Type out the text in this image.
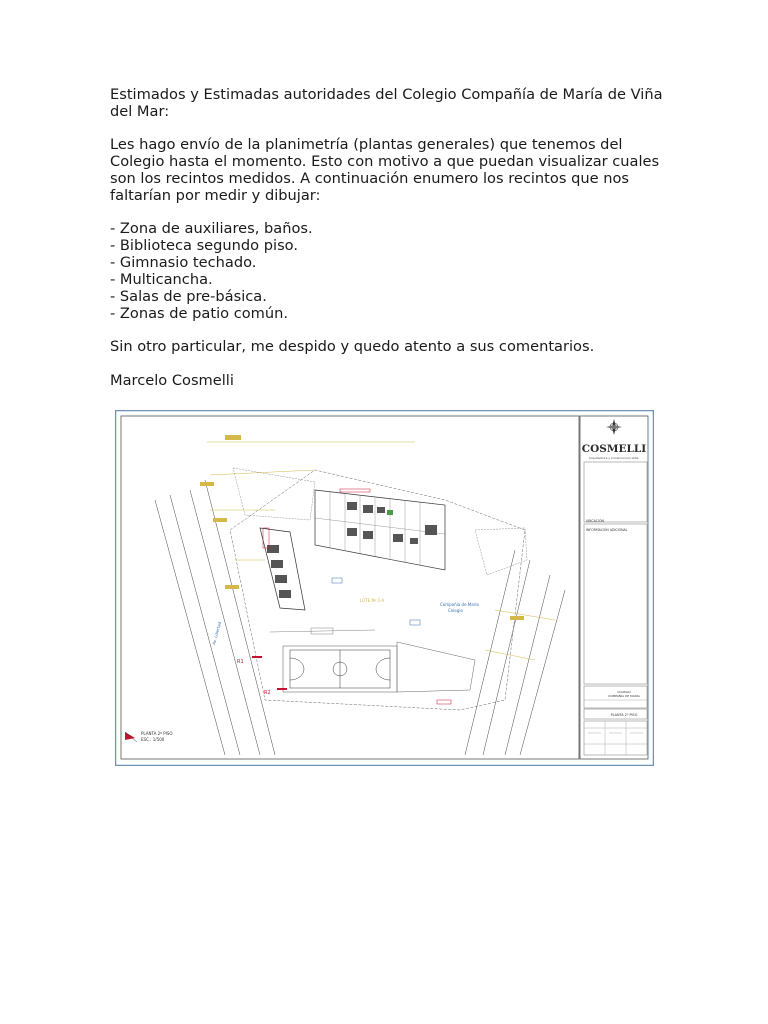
Estimados y Estimadas autoridades del Colegio Compañía de María de Viña del Mar:
Les hago envío de la planimetría (plantas generales) que tenemos del Colegio hasta el momento. Esto con motivo a que puedan visualizar cuales son los recintos medidos. A continuación enumero los recintos que nos faltarían por medir y dibujar:
- Zona de auxiliares, baños.
- Biblioteca segundo piso.
- Gimnasio techado.
- Multicancha.
- Salas de pre-básica.
- Zonas de patio común.
Sin otro particular, me despido y quedo atento a sus comentarios.
Marcelo Cosmelli
COSMELLI
Arquitectura y Construcción Ltda.
UBICACIÓN
INFORMACIÓN ADICIONAL
COLEGIO
COMPAÑÍA DE MARÍA
PLANTA 2º PISO
Av. Libertad
LOTE Nº 1-A
Compañía de María
Colegio
R1
R2
PLANTA 2º PISO
ESC.: 1/500
